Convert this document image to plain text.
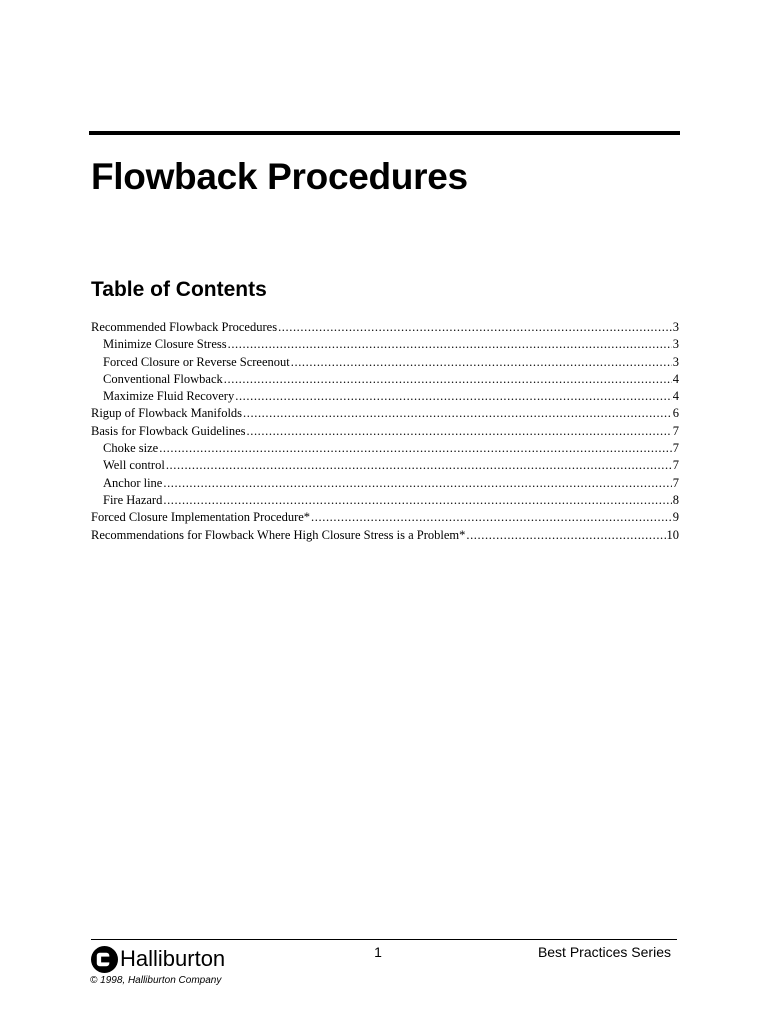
Flowback Procedures
Table of Contents
Recommended Flowback Procedures .....	3
Minimize Closure Stress .....	3
Forced Closure or Reverse Screenout .....	3
Conventional Flowback .....	4
Maximize Fluid Recovery .....	4
Rigup of Flowback Manifolds .....	6
Basis for Flowback Guidelines .....	7
Choke size .....	7
Well control .....	7
Anchor line .....	7
Fire Hazard .....	8
Forced Closure Implementation Procedure* .....	9
Recommendations for Flowback Where High Closure Stress is a Problem* .....	10
Halliburton	1	Best Practices Series
© 1998, Halliburton Company
